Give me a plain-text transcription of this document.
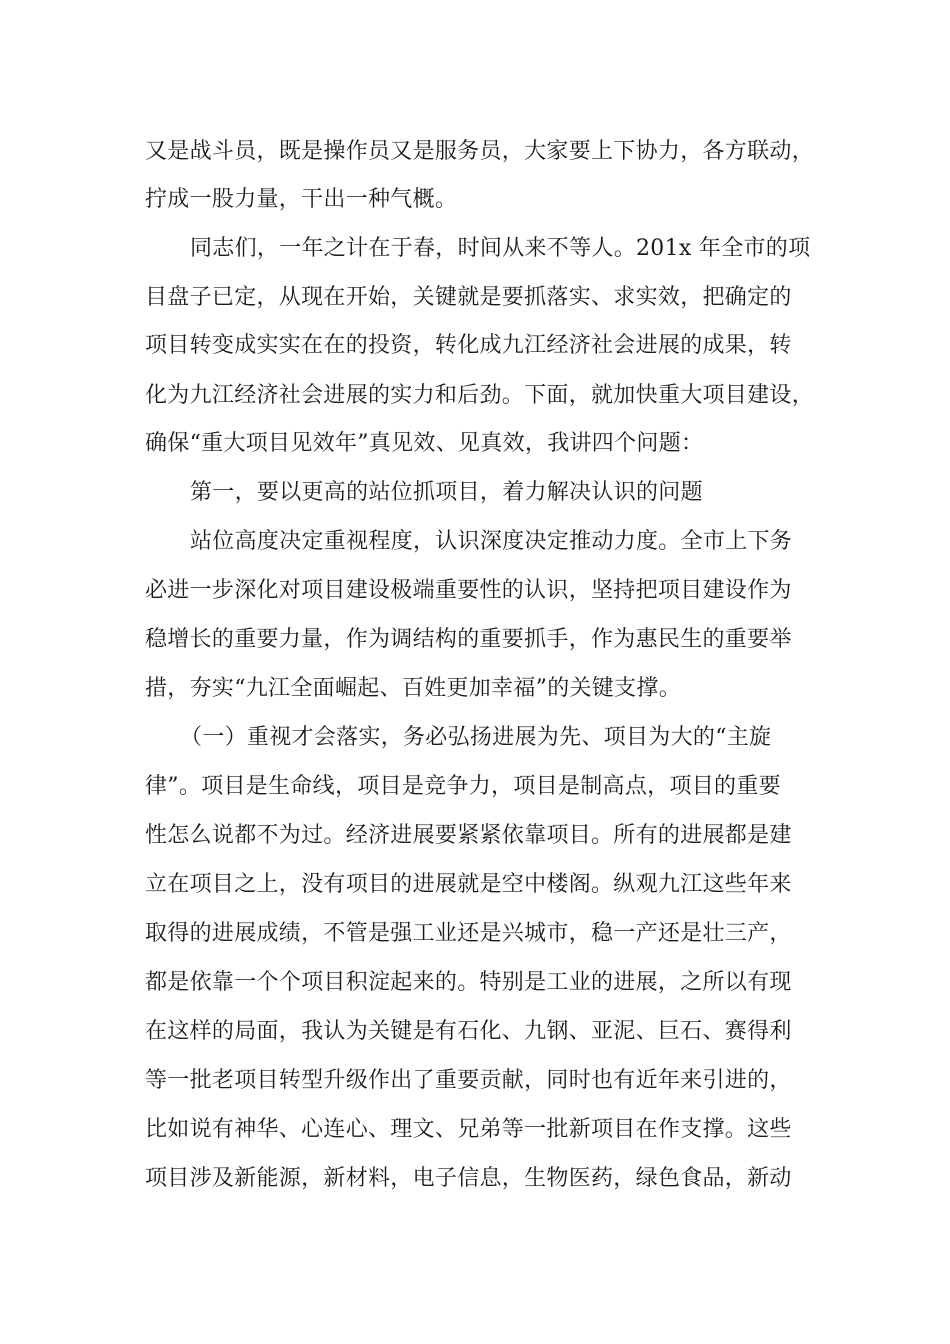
又是战斗员，既是操作员又是服务员，大家要上下协力，各方联动，
拧成一股力量，干出一种气概。
同志们，一年之计在于春，时间从来不等人。201x 年全市的项
目盘子已定，从现在开始，关键就是要抓落实、求实效，把确定的
项目转变成实实在在的投资，转化成九江经济社会进展的成果，转
化为九江经济社会进展的实力和后劲。下面，就加快重大项目建设，
确保“重大项目见效年”真见效、见真效，我讲四个问题：
第一，要以更高的站位抓项目，着力解决认识的问题
站位高度决定重视程度，认识深度决定推动力度。全市上下务
必进一步深化对项目建设极端重要性的认识，坚持把项目建设作为
稳增长的重要力量，作为调结构的重要抓手，作为惠民生的重要举
措，夯实“九江全面崛起、百姓更加幸福”的关键支撑。
（一）重视才会落实，务必弘扬进展为先、项目为大的“主旋
律”。项目是生命线，项目是竞争力，项目是制高点，项目的重要
性怎么说都不为过。经济进展要紧紧依靠项目。所有的进展都是建
立在项目之上，没有项目的进展就是空中楼阁。纵观九江这些年来
取得的进展成绩，不管是强工业还是兴城市，稳一产还是壮三产，
都是依靠一个个项目积淀起来的。特别是工业的进展，之所以有现
在这样的局面，我认为关键是有石化、九钢、亚泥、巨石、赛得利
等一批老项目转型升级作出了重要贡献，同时也有近年来引进的，
比如说有神华、心连心、理文、兄弟等一批新项目在作支撑。这些
项目涉及新能源，新材料，电子信息，生物医药，绿色食品，新动
